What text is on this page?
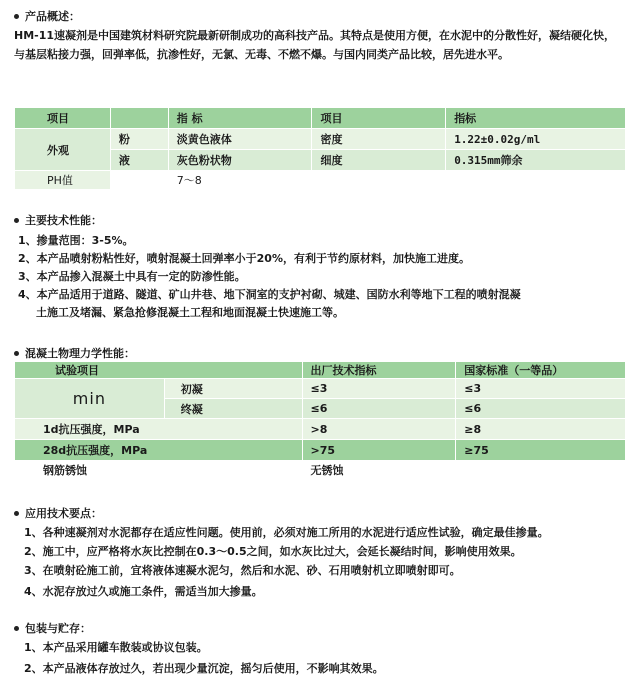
产品概述：
HM-11速凝剂是中国建筑材料研究院最新研制成功的高科技产品。其特点是使用方便，在水泥中的分散性好，凝结硬化快，与基层粘接力强，回弹率低，抗渗性好，无氯、无毒、不燃不爆。与国内同类产品比较，居先进水平。
项目		指 标	项目	指标
外观	粉	淡黄色液体	密度	1.22±0.02g/ml
	液	灰色粉状物	细度	0.315mm筛余
PH值		7～8		
主要技术性能：
1、掺量范围：3-5%。
2、本产品喷射粉粘性好，喷射混凝土回弹率小于20%，有利于节约原材料，加快施工进度。
3、本产品掺入混凝土中具有一定的防渗性能。
4、本产品适用于道路、隧道、矿山井巷、地下洞室的支护衬砌、城建、国防水利等地下工程的喷射混凝
土施工及堵漏、紧急抢修混凝土工程和地面混凝土快速施工等。
混凝土物理力学性能：
试验项目		出厂技术指标	国家标准（一等品）
min	初凝	≤3	≤3
	终凝	≤6	≤6
1d抗压强度，MPa		>8	≥8
28d抗压强度，MPa		>75	≥75
钢筋锈蚀		无锈蚀	
应用技术要点：
1、各种速凝剂对水泥都存在适应性问题。使用前，必须对施工所用的水泥进行适应性试验，确定最佳掺量。
2、施工中，应严格将水灰比控制在0.3～0.5之间，如水灰比过大，会延长凝结时间，影响使用效果。
3、在喷射砼施工前，宜将液体速凝水泥匀，然后和水泥、砂、石用喷射机立即喷射即可。
4、水泥存放过久或施工条件，需适当加大掺量。
包装与贮存：
1、本产品采用罐车散装或协议包装。
2、本产品液体存放过久，若出现少量沉淀，摇匀后使用，不影响其效果。
